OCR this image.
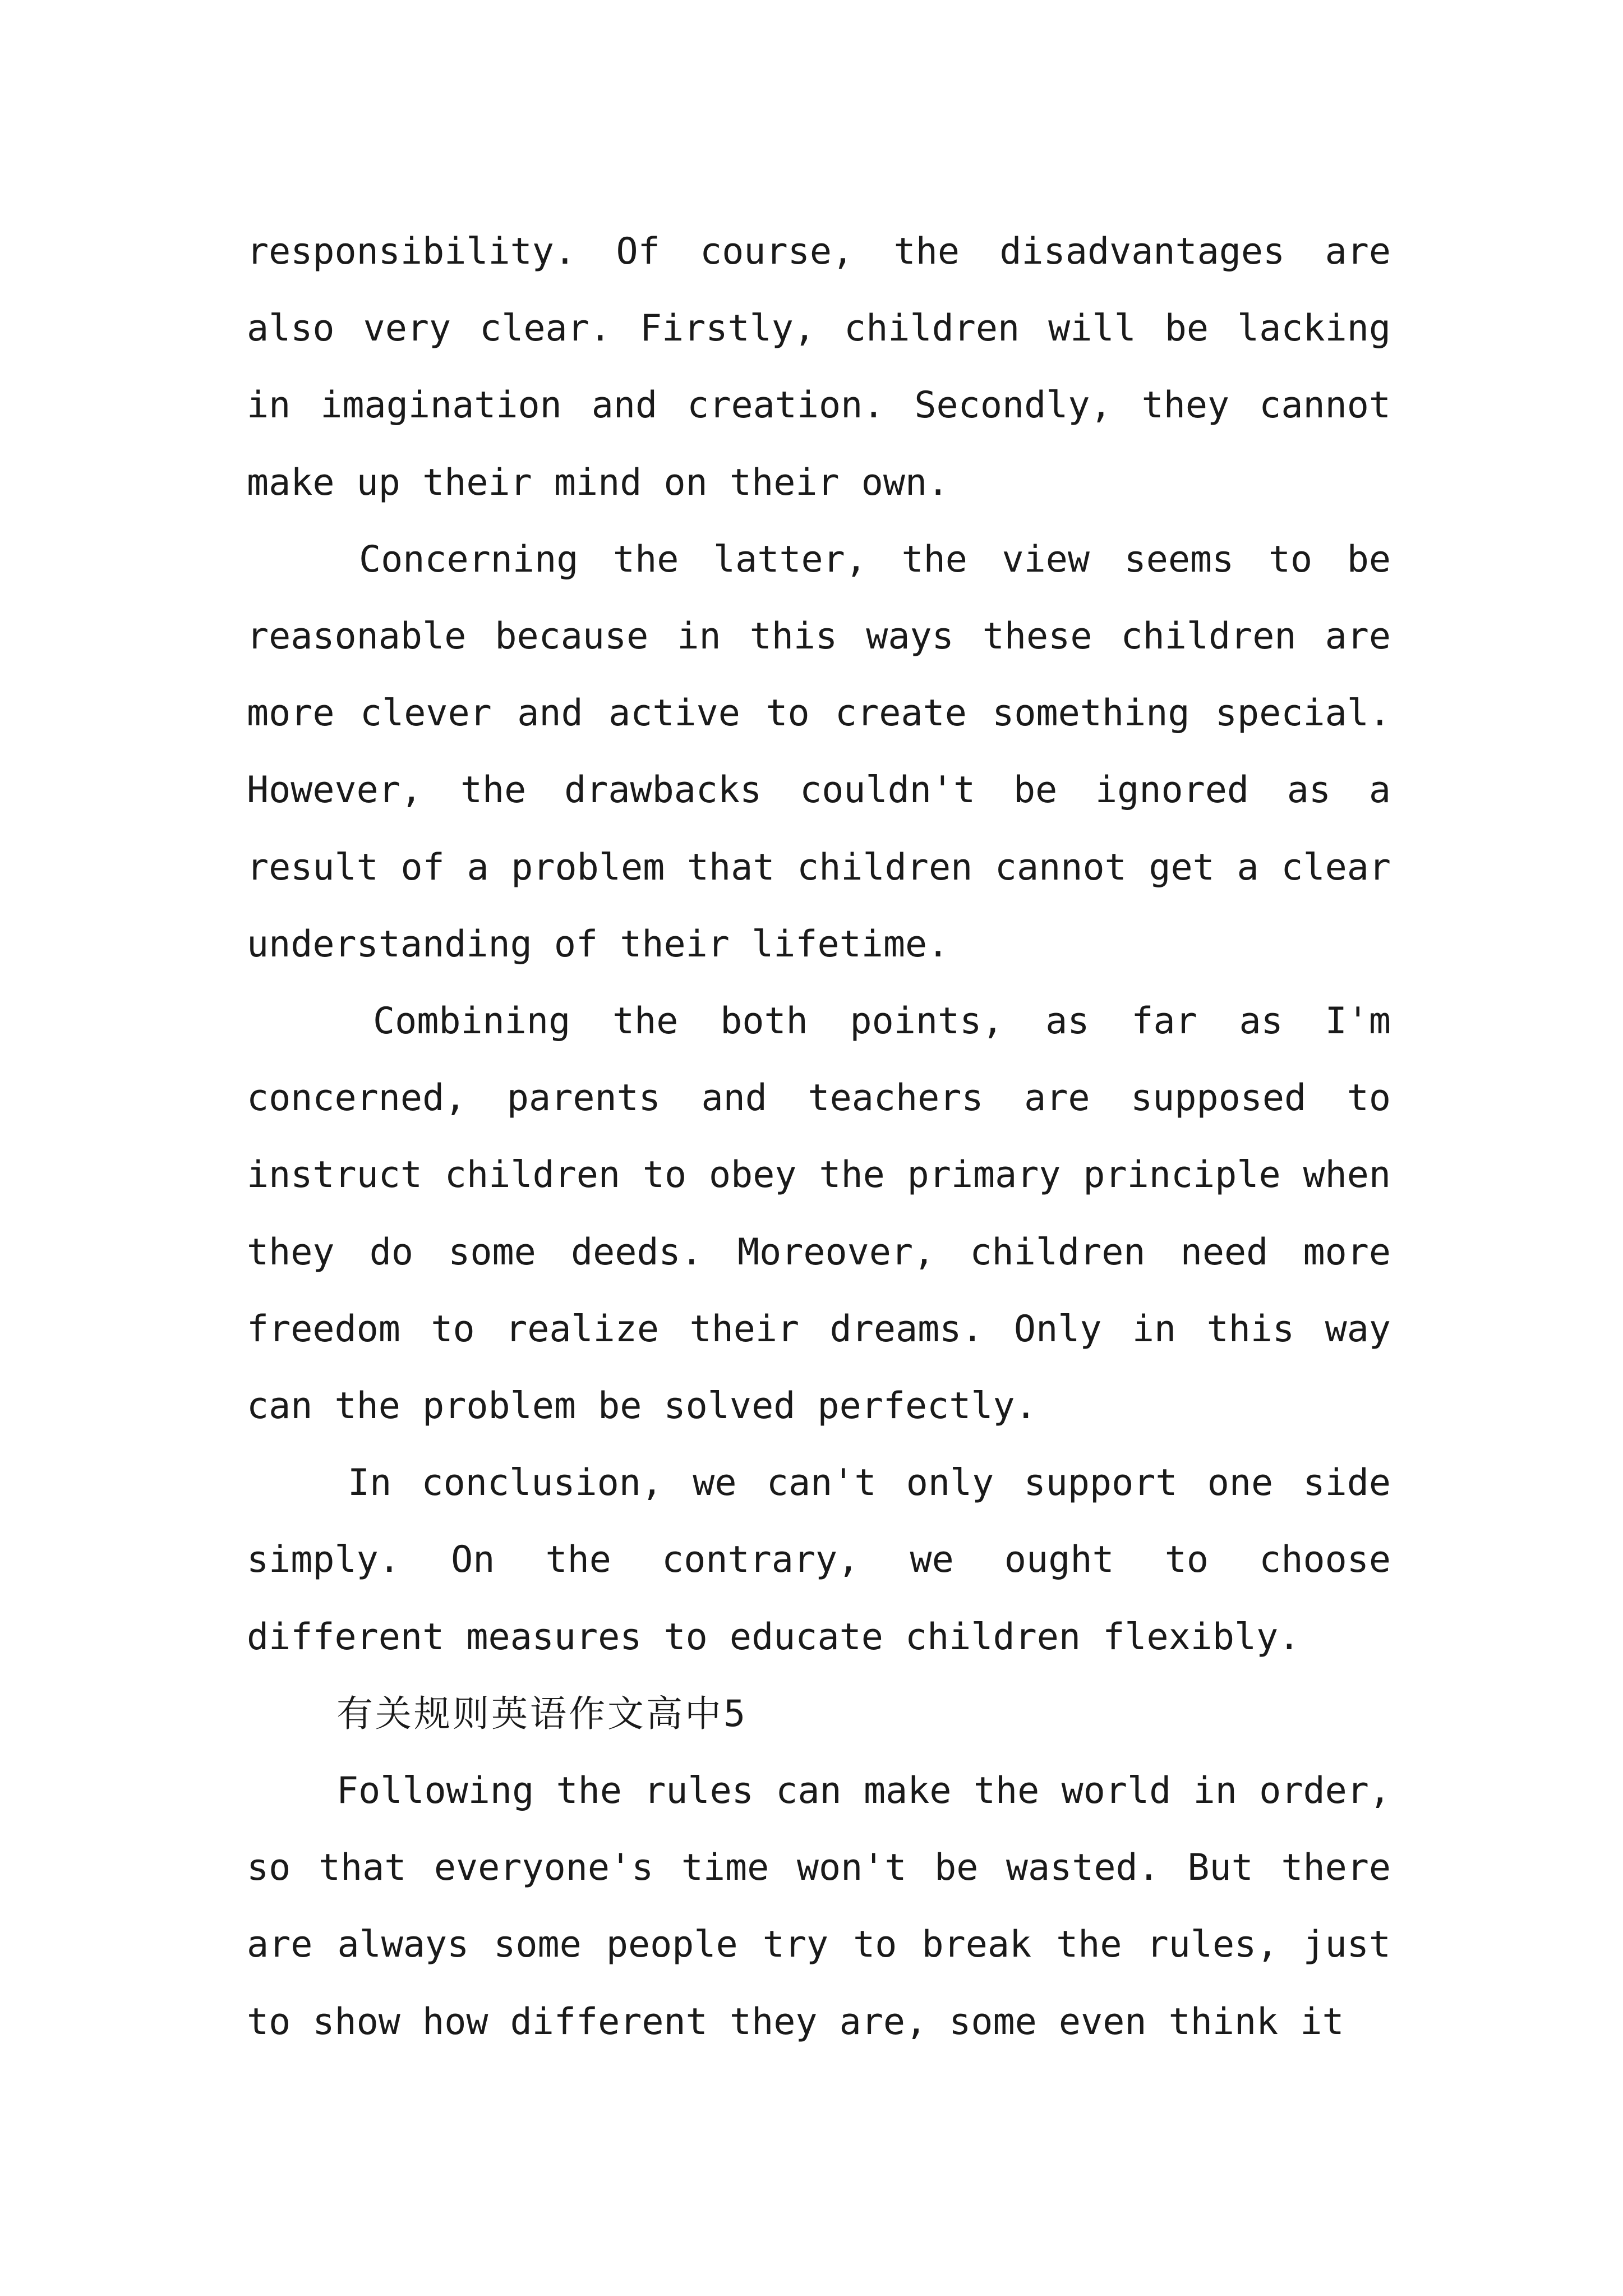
responsibility. Of course, the disadvantages are also very clear. Firstly, children will be lacking in imagination and creation. Secondly, they cannot make up their mind on their own.

Concerning the latter, the view seems to be reasonable because in this ways these children are more clever and active to create something special. However, the drawbacks couldn't be ignored as a result of a problem that children cannot get a clear understanding of their lifetime.

Combining the both points, as far as I'm concerned, parents and teachers are supposed to instruct children to obey the primary principle when they do some deeds. Moreover, children need more freedom to realize their dreams. Only in this way can the problem be solved perfectly.

In conclusion, we can't only support one side simply. On the contrary, we ought to choose different measures to educate children flexibly.

有关规则英语作文高中5

Following the rules can make the world in order, so that everyone's time won't be wasted. But there are always some people try to break the rules, just to show how different they are, some even think it
